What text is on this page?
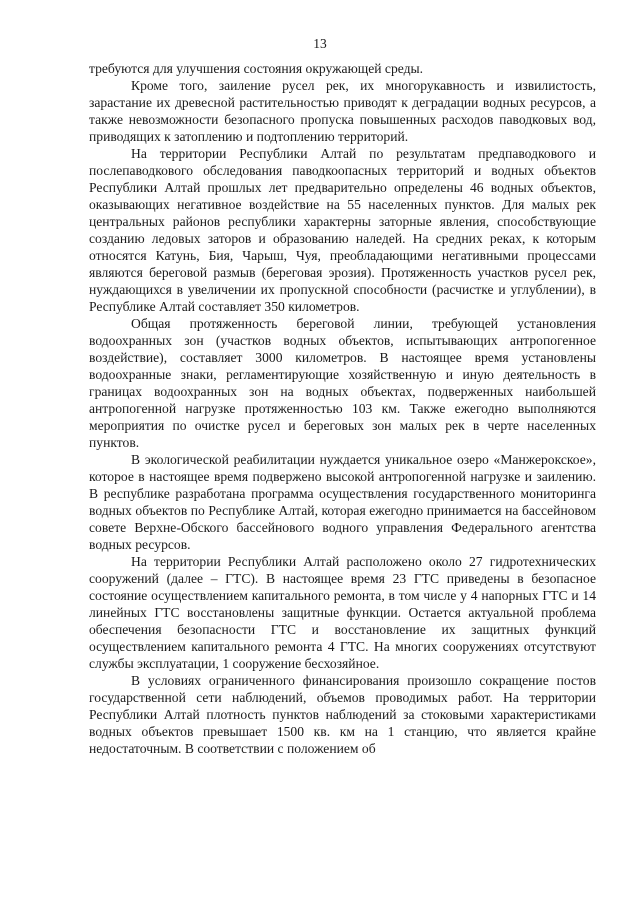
13

требуются для улучшения состояния окружающей среды.

Кроме того, заиление русел рек, их многорукавность и извилистость, зарастание их древесной растительностью приводят к деградации водных ресурсов, а также невозможности безопасного пропуска повышенных расходов паводковых вод, приводящих к затоплению и подтоплению территорий.

На территории Республики Алтай по результатам предпаводкового и послепаводкового обследования паводкоопасных территорий и водных объектов Республики Алтай прошлых лет предварительно определены 46 водных объектов, оказывающих негативное воздействие на 55 населенных пунктов. Для малых рек центральных районов республики характерны заторные явления, способствующие созданию ледовых заторов и образованию наледей. На средних реках, к которым относятся Катунь, Бия, Чарыш, Чуя, преобладающими негативными процессами являются береговой размыв (береговая эрозия). Протяженность участков русел рек, нуждающихся в увеличении их пропускной способности (расчистке и углублении), в Республике Алтай составляет 350 километров.

Общая протяженность береговой линии, требующей установления водоохранных зон (участков водных объектов, испытывающих антропогенное воздействие), составляет 3000 километров. В настоящее время установлены водоохранные знаки, регламентирующие хозяйственную и иную деятельность в границах водоохранных зон на водных объектах, подверженных наибольшей антропогенной нагрузке протяженностью 103 км. Также ежегодно выполняются мероприятия по очистке русел и береговых зон малых рек в черте населенных пунктов.

В экологической реабилитации нуждается уникальное озеро «Манжерокское», которое в настоящее время подвержено высокой антропогенной нагрузке и заилению. В республике разработана программа осуществления государственного мониторинга водных объектов по Республике Алтай, которая ежегодно принимается на бассейновом совете Верхне-Обского бассейнового водного управления Федерального агентства водных ресурсов.

На территории Республики Алтай расположено около 27 гидротехнических сооружений (далее – ГТС). В настоящее время 23 ГТС приведены в безопасное состояние осуществлением капитального ремонта, в том числе у 4 напорных ГТС и 14 линейных ГТС восстановлены защитные функции. Остается актуальной проблема обеспечения безопасности ГТС и восстановление их защитных функций осуществлением капитального ремонта 4 ГТС. На многих сооружениях отсутствуют службы эксплуатации, 1 сооружение бесхозяйное.

В условиях ограниченного финансирования произошло сокращение постов государственной сети наблюдений, объемов проводимых работ. На территории Республики Алтай плотность пунктов наблюдений за стоковыми характеристиками водных объектов превышает 1500 кв. км на 1 станцию, что является крайне недостаточным. В соответствии с положением об
